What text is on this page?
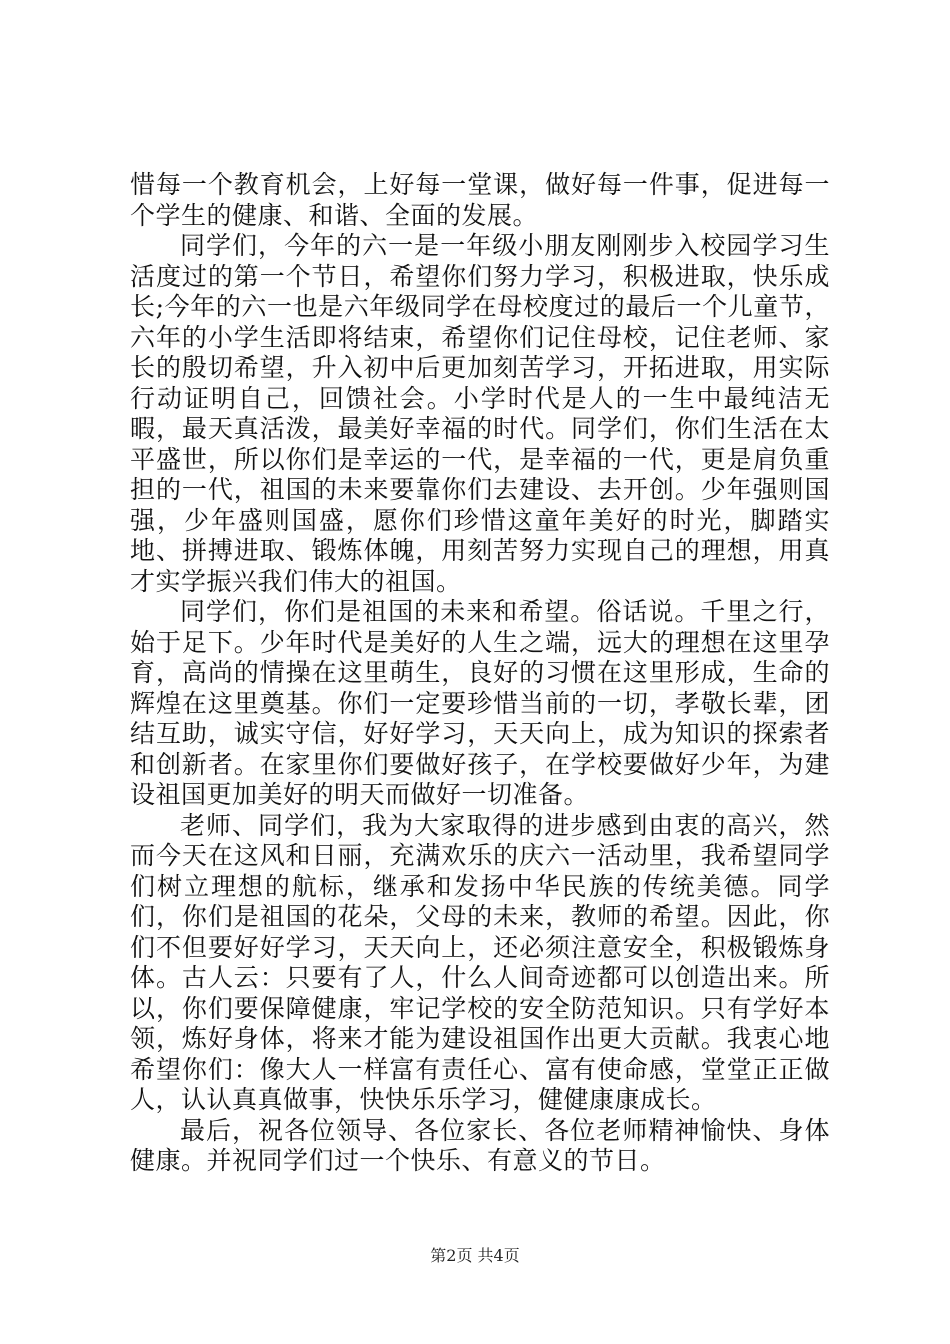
惜每一个教育机会，上好每一堂课，做好每一件事，促进每一个学生的健康、和谐、全面的发展。

同学们，今年的六一是一年级小朋友刚刚步入校园学习生活度过的第一个节日，希望你们努力学习，积极进取，快乐成长;今年的六一也是六年级同学在母校度过的最后一个儿童节，六年的小学生活即将结束，希望你们记住母校，记住老师、家长的殷切希望，升入初中后更加刻苦学习，开拓进取，用实际行动证明自己，回馈社会。小学时代是人的一生中最纯洁无暇，最天真活泼，最美好幸福的时代。同学们，你们生活在太平盛世，所以你们是幸运的一代，是幸福的一代，更是肩负重担的一代，祖国的未来要靠你们去建设、去开创。少年强则国强，少年盛则国盛，愿你们珍惜这童年美好的时光，脚踏实地、拼搏进取、锻炼体魄，用刻苦努力实现自己的理想，用真才实学振兴我们伟大的祖国。

同学们，你们是祖国的未来和希望。俗话说。千里之行，始于足下。少年时代是美好的人生之端，远大的理想在这里孕育，高尚的情操在这里萌生，良好的习惯在这里形成，生命的辉煌在这里奠基。你们一定要珍惜当前的一切，孝敬长辈，团结互助，诚实守信，好好学习，天天向上，成为知识的探索者和创新者。在家里你们要做好孩子，在学校要做好少年，为建设祖国更加美好的明天而做好一切准备。

老师、同学们，我为大家取得的进步感到由衷的高兴，然而今天在这风和日丽，充满欢乐的庆六一活动里，我希望同学们树立理想的航标，继承和发扬中华民族的传统美德。同学们，你们是祖国的花朵，父母的未来，教师的希望。因此，你们不但要好好学习，天天向上，还必须注意安全，积极锻炼身体。古人云：只要有了人，什么人间奇迹都可以创造出来。所以，你们要保障健康，牢记学校的安全防范知识。只有学好本领，炼好身体，将来才能为建设祖国作出更大贡献。我衷心地希望你们：像大人一样富有责任心、富有使命感，堂堂正正做人，认认真真做事，快快乐乐学习，健健康康成长。

最后，祝各位领导、各位家长、各位老师精神愉快、身体健康。并祝同学们过一个快乐、有意义的节日。

第2页 共4页
